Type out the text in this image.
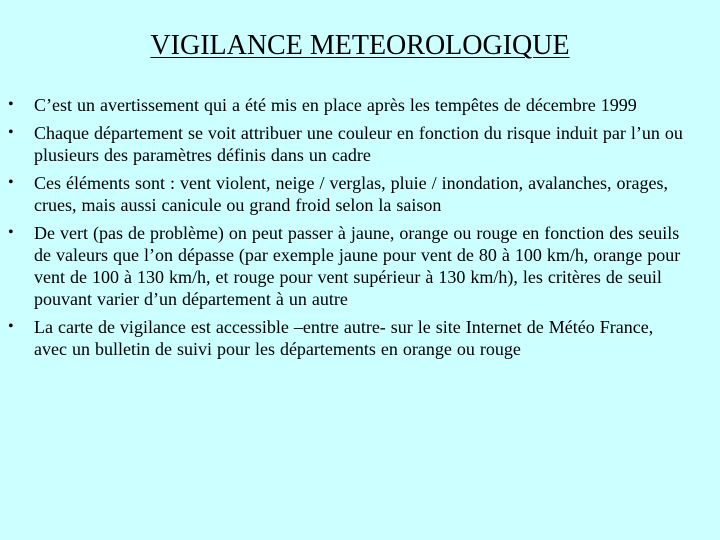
VIGILANCE METEOROLOGIQUE
•	C’est un avertissement qui a été mis en place après les tempêtes de décembre 1999
•	Chaque département se voit attribuer une couleur en fonction du risque induit par l’un ou plusieurs des paramètres définis dans un cadre
•	Ces éléments sont : vent violent, neige / verglas, pluie / inondation, avalanches, orages, crues, mais aussi canicule ou grand froid selon la saison
•	De vert (pas de problème) on peut passer à jaune, orange ou rouge en fonction des seuils de valeurs que l’on dépasse (par exemple jaune pour vent de 80 à 100 km/h, orange pour vent de 100 à 130 km/h, et rouge pour vent supérieur à 130 km/h), les critères de seuil pouvant varier d’un département à un autre
•	La carte de vigilance est accessible –entre autre- sur le site Internet de Météo France, avec un bulletin de suivi pour les départements en orange ou rouge
